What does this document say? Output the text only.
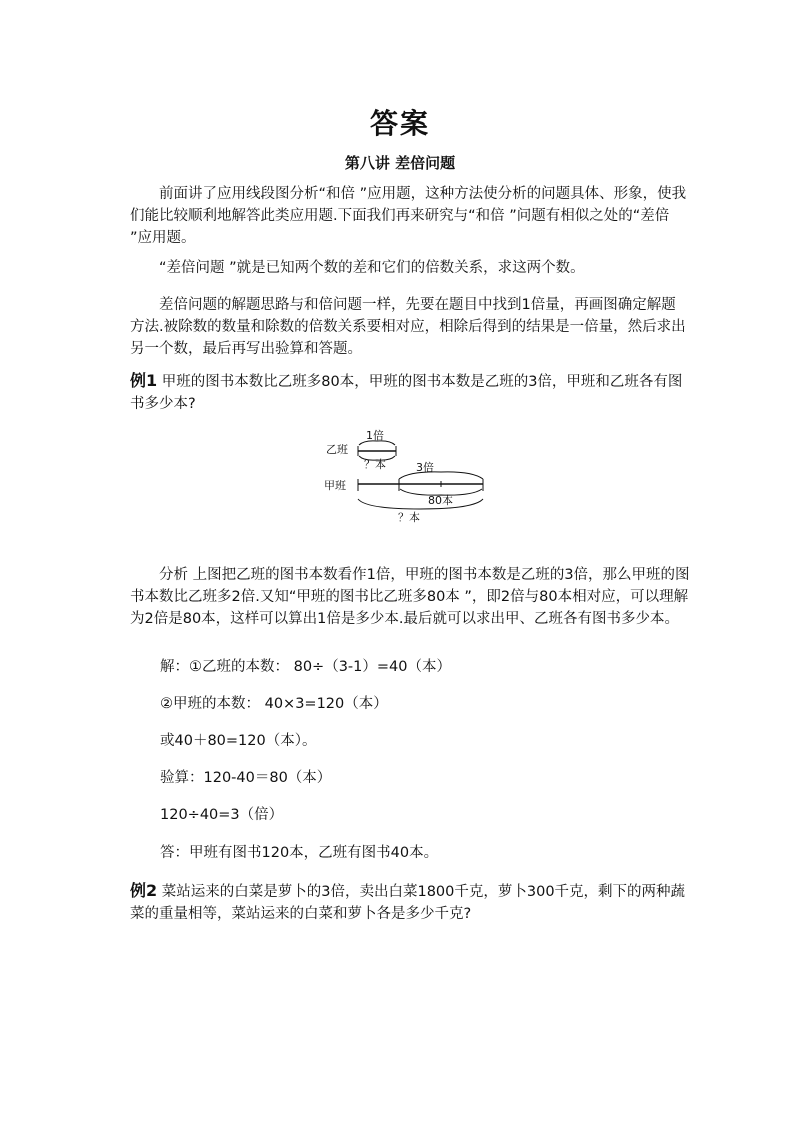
答案
第八讲 差倍问题

前面讲了应用线段图分析“和倍 ”应用题，这种方法使分析的问题具体、形象，使我们能比较顺利地解答此类应用题.下面我们再来研究与“和倍 ”问题有相似之处的“差倍 ”应用题。

“差倍问题 ”就是已知两个数的差和它们的倍数关系，求这两个数。

差倍问题的解题思路与和倍问题一样，先要在题目中找到1倍量，再画图确定解题方法.被除数的数量和除数的倍数关系要相对应，相除后得到的结果是一倍量，然后求出另一个数，最后再写出验算和答题。

例1 甲班的图书本数比乙班多80本，甲班的图书本数是乙班的3倍，甲班和乙班各有图书多少本?

乙班
1倍
？本	3倍
甲班
80本
？本

分析 上图把乙班的图书本数看作1倍，甲班的图书本数是乙班的3倍，那么甲班的图书本数比乙班多2倍.又知“甲班的图书比乙班多80本 ”，即2倍与80本相对应，可以理解为2倍是80本，这样可以算出1倍是多少本.最后就可以求出甲、乙班各有图书多少本。

解：①乙班的本数： 80÷（3-1）=40（本）
②甲班的本数： 40×3=120（本）
或40＋80=120（本）。
验算：120-40＝80（本）
120÷40=3（倍）
答：甲班有图书120本，乙班有图书40本。

例2 菜站运来的白菜是萝卜的3倍，卖出白菜1800千克，萝卜300千克，剩下的两种蔬菜的重量相等，菜站运来的白菜和萝卜各是多少千克?
